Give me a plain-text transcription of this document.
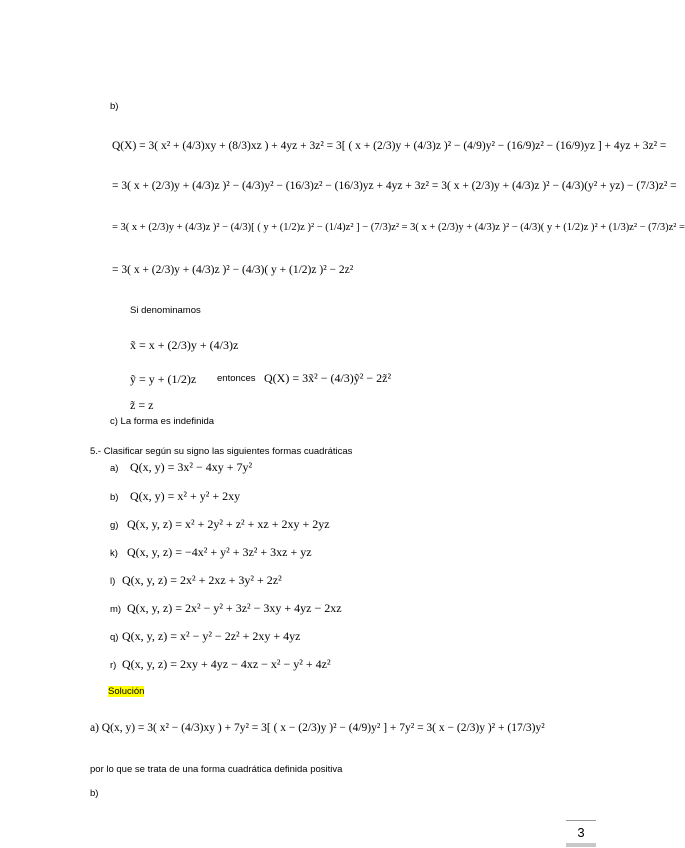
b)
Q(X) = 3( x² + (4/3)xy + (8/3)xz ) + 4yz + 3z² = 3[ ( x + (2/3)y + (4/3)z )² − (4/9)y² − (16/9)z² − (16/9)yz ] + 4yz + 3z² =
= 3( x + (2/3)y + (4/3)z )² − (4/3)y² − (16/3)z² − (16/3)yz + 4yz + 3z² = 3( x + (2/3)y + (4/3)z )² − (4/3)(y² + yz) − (7/3)z² =
= 3( x + (2/3)y + (4/3)z )² − (4/3)[ ( y + (1/2)z )² − (1/4)z² ] − (7/3)z² = 3( x + (2/3)y + (4/3)z )² − (4/3)( y + (1/2)z )² + (1/3)z² − (7/3)z² =
= 3( x + (2/3)y + (4/3)z )² − (4/3)( y + (1/2)z )² − 2z²
Si denominamos
x̃ = x + (2/3)y + (4/3)z
ỹ = y + (1/2)z
z̃ = z
entonces Q(X) = 3x̃² − (4/3)ỹ² − 2z̃²
c) La forma es indefinida
5.- Clasificar según su signo las siguientes formas cuadráticas
a) Q(x, y) = 3x² − 4xy + 7y²
b) Q(x, y) = x² + y² + 2xy
g) Q(x, y, z) = x² + 2y² + z² + xz + 2xy + 2yz
k) Q(x, y, z) = −4x² + y² + 3z² + 3xz + yz
l) Q(x, y, z) = 2x² + 2xz + 3y² + 2z²
m) Q(x, y, z) = 2x² − y² + 3z² − 3xy + 4yz − 2xz
q) Q(x, y, z) = x² − y² − 2z² + 2xy + 4yz
r) Q(x, y, z) = 2xy + 4yz − 4xz − x² − y² + 4z²
Solución
a) Q(x, y) = 3( x² − (4/3)xy ) + 7y² = 3[ ( x − (2/3)y )² − (4/9)y² ] + 7y² = 3( x − (2/3)y )² + (17/3)y²
por lo que se trata de una forma cuadrática definida positiva
b)
3
